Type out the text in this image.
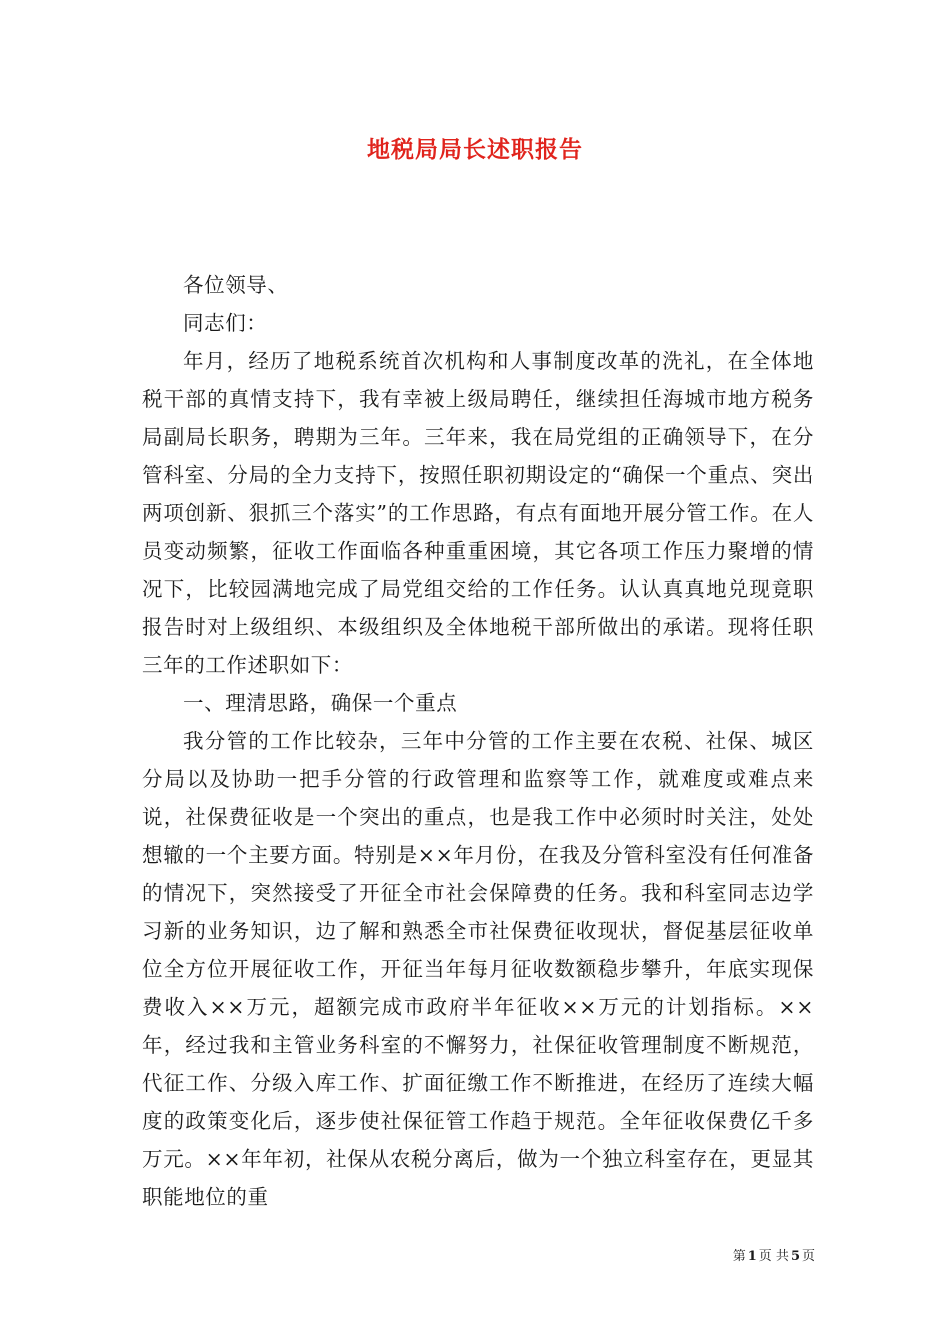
地税局局长述职报告

各位领导、

同志们：

年月，经历了地税系统首次机构和人事制度改革的洗礼，在全体地税干部的真情支持下，我有幸被上级局聘任，继续担任海城市地方税务局副局长职务，聘期为三年。三年来，我在局党组的正确领导下，在分管科室、分局的全力支持下，按照任职初期设定的“确保一个重点、突出两项创新、狠抓三个落实”的工作思路，有点有面地开展分管工作。在人员变动频繁，征收工作面临各种重重困境，其它各项工作压力聚增的情况下，比较园满地完成了局党组交给的工作任务。认认真真地兑现竟职报告时对上级组织、本级组织及全体地税干部所做出的承诺。现将任职三年的工作述职如下：

一、理清思路，确保一个重点

我分管的工作比较杂，三年中分管的工作主要在农税、社保、城区分局以及协助一把手分管的行政管理和监察等工作，就难度或难点来说，社保费征收是一个突出的重点，也是我工作中必须时时关注，处处想辙的一个主要方面。特别是××年月份，在我及分管科室没有任何准备的情况下，突然接受了开征全市社会保障费的任务。我和科室同志边学习新的业务知识，边了解和熟悉全市社保费征收现状，督促基层征收单位全方位开展征收工作，开征当年每月征收数额稳步攀升，年底实现保费收入××万元，超额完成市政府半年征收××万元的计划指标。××年，经过我和主管业务科室的不懈努力，社保征收管理制度不断规范，代征工作、分级入库工作、扩面征缴工作不断推进，在经历了连续大幅度的政策变化后，逐步使社保征管工作趋于规范。全年征收保费亿千多万元。××年年初，社保从农税分离后，做为一个独立科室存在，更显其职能地位的重

第 1 页 共 5 页
